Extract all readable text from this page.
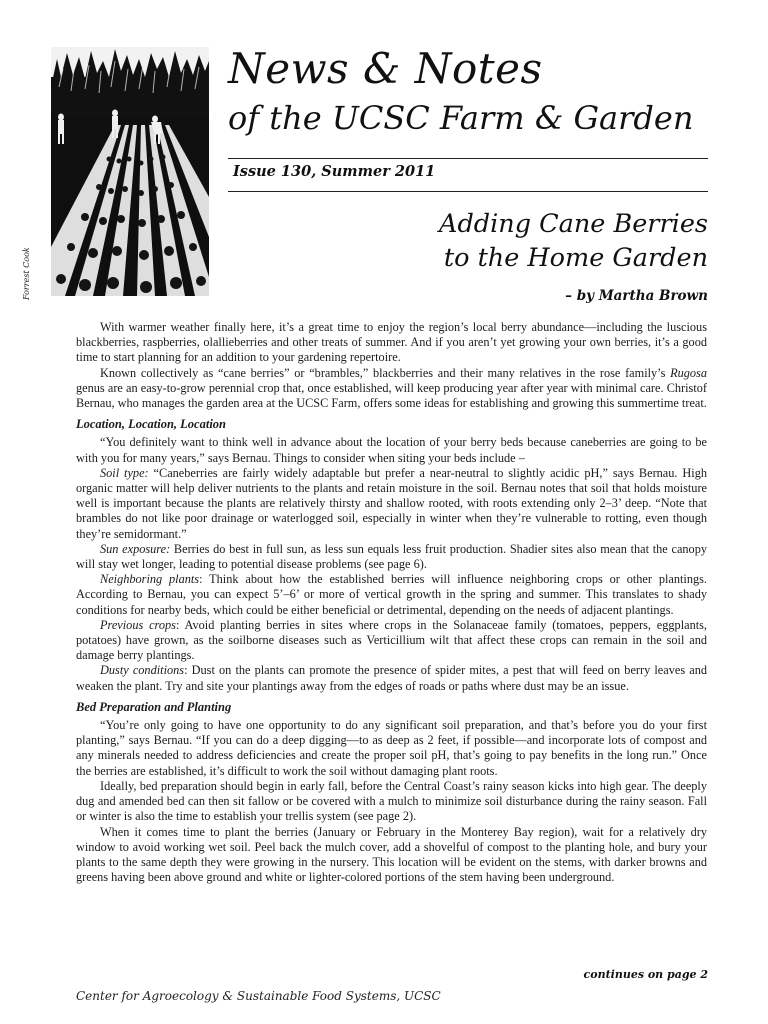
Forrest Cook
News & Notes
of the UCSC Farm & Garden
Issue 130, Summer 2011
Adding Cane Berries
to the Home Garden
– by Martha Brown

With warmer weather finally here, it’s a great time to enjoy the region’s local berry abundance—including the luscious blackberries, raspberries, olallieberries and other treats of summer. And if you aren’t yet growing your own berries, it’s a good time to start planning for an addition to your gardening repertoire.

Known collectively as “cane berries” or “brambles,” blackberries and their many relatives in the rose family’s Rugosa genus are an easy-to-grow perennial crop that, once established, will keep producing year after year with minimal care. Christof Bernau, who manages the garden area at the UCSC Farm, offers some ideas for establishing and growing this summertime treat.

Location, Location, Location

“You definitely want to think well in advance about the location of your berry beds because caneberries are going to be with you for many years,” says Bernau. Things to consider when siting your beds include –

Soil type: “Caneberries are fairly widely adaptable but prefer a near-neutral to slightly acidic pH,” says Bernau. High organic matter will help deliver nutrients to the plants and retain moisture in the soil. Bernau notes that soil that holds moisture well is important because the plants are relatively thirsty and shallow rooted, with roots extending only 2–3’ deep. “Note that brambles do not like poor drainage or waterlogged soil, especially in winter when they’re vulnerable to rotting, even though they’re semidormant.”

Sun exposure: Berries do best in full sun, as less sun equals less fruit production. Shadier sites also mean that the canopy will stay wet longer, leading to potential disease problems (see page 6).

Neighboring plants: Think about how the established berries will influence neighboring crops or other plantings. According to Bernau, you can expect 5’–6’ or more of vertical growth in the spring and summer. This translates to shady conditions for nearby beds, which could be either beneficial or detrimental, depending on the needs of adjacent plantings.

Previous crops: Avoid planting berries in sites where crops in the Solanaceae family (tomatoes, peppers, eggplants, potatoes) have grown, as the soilborne diseases such as Verticillium wilt that affect these crops can remain in the soil and damage berry plantings.

Dusty conditions: Dust on the plants can promote the presence of spider mites, a pest that will feed on berry leaves and weaken the plant. Try and site your plantings away from the edges of roads or paths where dust may be an issue.

Bed Preparation and Planting

“You’re only going to have one opportunity to do any significant soil preparation, and that’s before you do your first planting,” says Bernau. “If you can do a deep digging—to as deep as 2 feet, if possible—and incorporate lots of compost and any minerals needed to address deficiencies and create the proper soil pH, that’s going to pay benefits in the long run.” Once the berries are established, it’s difficult to work the soil without damaging plant roots.

Ideally, bed preparation should begin in early fall, before the Central Coast’s rainy season kicks into high gear. The deeply dug and amended bed can then sit fallow or be covered with a mulch to minimize soil disturbance during the rainy season. Fall or winter is also the time to establish your trellis system (see page 2).

When it comes time to plant the berries (January or February in the Monterey Bay region), wait for a relatively dry window to avoid working wet soil. Peel back the mulch cover, add a shovelful of compost to the planting hole, and bury your plants to the same depth they were growing in the nursery. This location will be evident on the stems, with darker browns and greens having been above ground and white or lighter-colored portions of the stem having been underground.

continues on page 2
Center for Agroecology & Sustainable Food Systems, UCSC
